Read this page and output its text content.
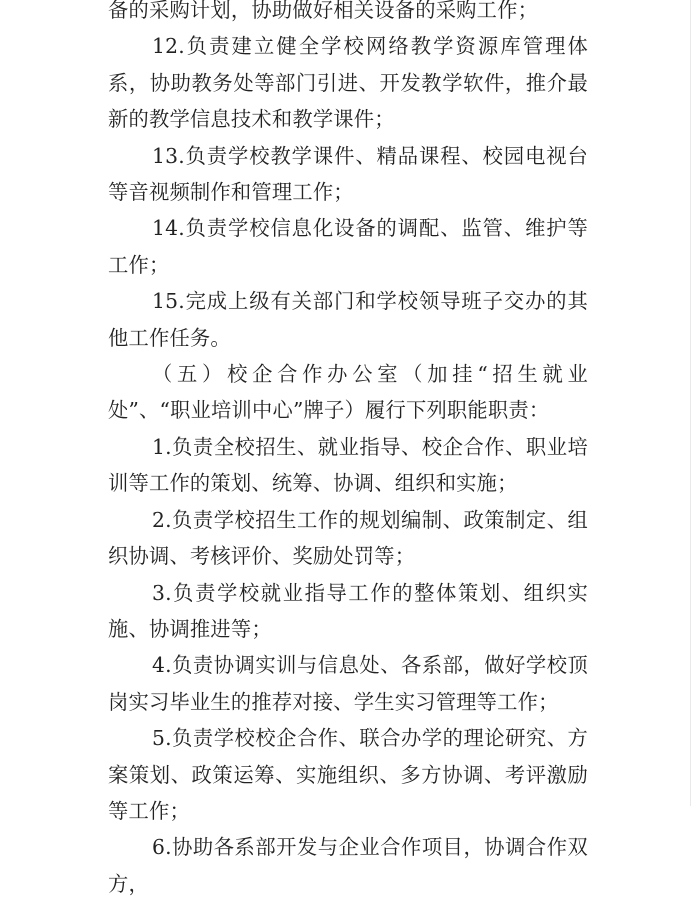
备的采购计划，协助做好相关设备的采购工作；

12.负责建立健全学校网络教学资源库管理体系，协助教务处等部门引进、开发教学软件，推介最新的教学信息技术和教学课件；

13.负责学校教学课件、精品课程、校园电视台等音视频制作和管理工作；

14.负责学校信息化设备的调配、监管、维护等工作；

15.完成上级有关部门和学校领导班子交办的其他工作任务。

（五）校企合作办公室（加挂“招生就业处”、“职业培训中心”牌子）履行下列职能职责：

1.负责全校招生、就业指导、校企合作、职业培训等工作的策划、统筹、协调、组织和实施；

2.负责学校招生工作的规划编制、政策制定、组织协调、考核评价、奖励处罚等；

3.负责学校就业指导工作的整体策划、组织实施、协调推进等；

4.负责协调实训与信息处、各系部，做好学校顶岗实习毕业生的推荐对接、学生实习管理等工作；

5.负责学校校企合作、联合办学的理论研究、方案策划、政策运筹、实施组织、多方协调、考评激励等工作；

6.协助各系部开发与企业合作项目，协调合作双方，
